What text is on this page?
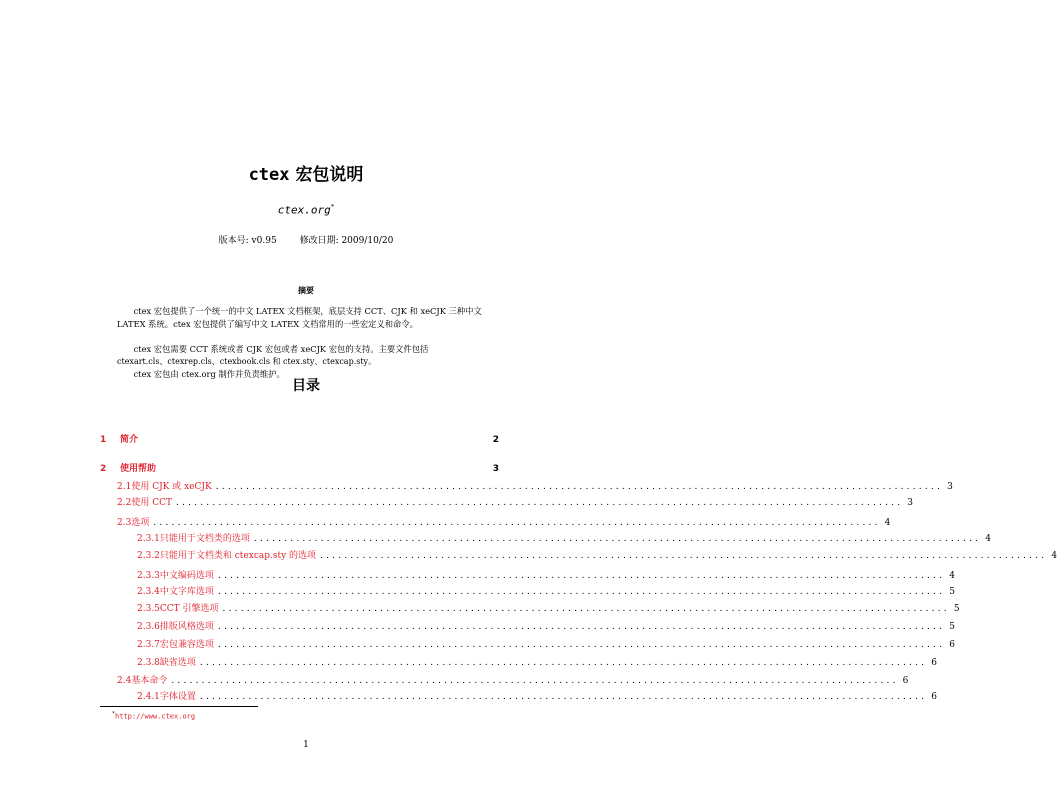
ctex 宏包说明
ctex.org*
版本号: v0.95	修改日期: 2009/10/20
摘要

ctex 宏包提供了一个统一的中文 LATEX 文档框架，底层支持 CCT、CJK 和 xeCJK 三种中文 LATEX 系统。ctex 宏包提供了编写中文 LATEX 文档常用的一些宏定义和命令。

ctex 宏包需要 CCT 系统或者 CJK 宏包或者 xeCJK 宏包的支持。主要文件包括

ctexart.cls、ctexrep.cls、ctexbook.cls 和 ctex.sty、ctexcap.sty。

ctex 宏包由 ctex.org 制作并负责维护。

目录
1	简介	2
2	使用帮助	3
2.1 使用 CJK 或 xeCJK ........................................................................................................................ 3
2.2 使用 CCT ........................................................................................................................ 3
2.3 选项 ........................................................................................................................ 4
2.3.1 只能用于文档类的选项 ........................................................................................................................ 4
2.3.2 只能用于文档类和 ctexcap.sty 的选项 ........................................................................................................................ 4
2.3.3 中文编码选项 ........................................................................................................................ 4
2.3.4 中文字库选项 ........................................................................................................................ 5
2.3.5 CCT 引擎选项 ........................................................................................................................ 5
2.3.6 排版风格选项 ........................................................................................................................ 5
2.3.7 宏包兼容选项 ........................................................................................................................ 6
2.3.8 缺省选项 ........................................................................................................................ 6
2.4 基本命令 ........................................................................................................................ 6
2.4.1 字体设置 ........................................................................................................................ 6
*http://www.ctex.org
1
